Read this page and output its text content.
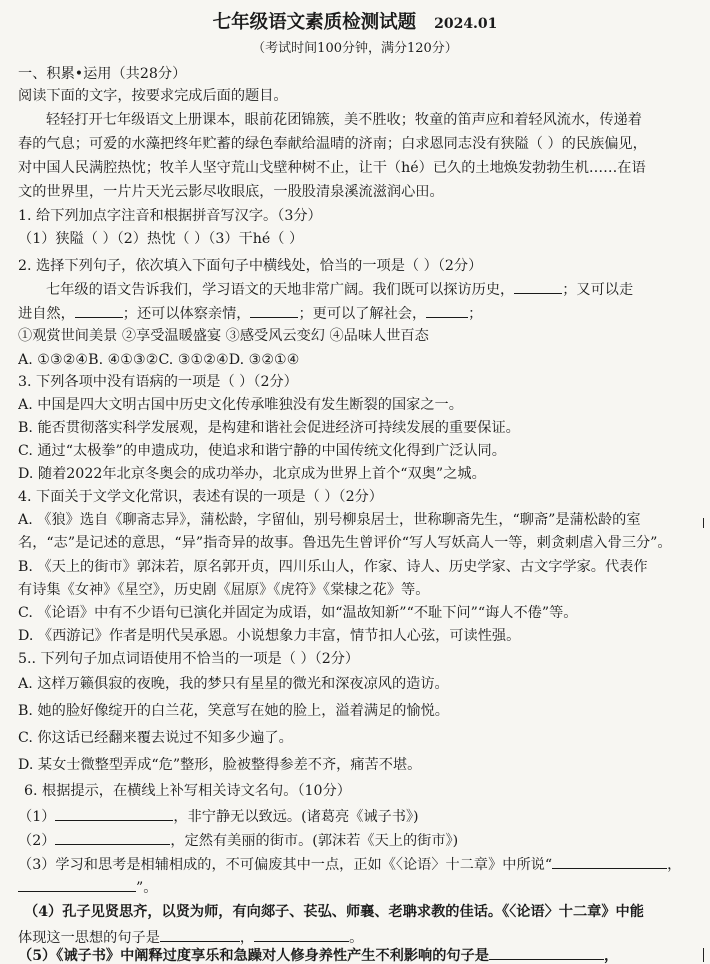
七年级语文素质检测试题 2024.01
（考试时间100分钟，满分120分）
一、积累•运用（共28分）
阅读下面的文字，按要求完成后面的题目。
轻轻打开七年级语文上册课本，眼前花团锦簇，美不胜收；牧童的笛声应和着轻风流水，传递着
春的气息；可爱的水藻把终年贮蓄的绿色奉献给温晴的济南；白求恩同志没有狭隘（ ）的民族偏见，
对中国人民满腔热忱；牧羊人坚守荒山戈壁种树不止，让干（hé）已久的土地焕发勃勃生机……在语
文的世界里，一片片天光云影尽收眼底，一股股清泉溪流滋润心田。
1. 给下列加点字注音和根据拼音写汉字。（3分）
（1）狭隘（ ）（2）热忱（ ）（3）干hé（ ）
2. 选择下列句子，依次填入下面句子中横线处，恰当的一项是（ ）（2分）
七年级的语文告诉我们，学习语文的天地非常广阔。我们既可以探访历史，	；又可以走
进自然，	；还可以体察亲情，	；更可以了解社会，	；
①观赏世间美景 ②享受温暖盛宴 ③感受风云变幻 ④品味人世百态
A. ①③②④B. ④①③②C. ③①②④D. ③②①④
3. 下列各项中没有语病的一项是（ ）（2分）
A. 中国是四大文明古国中历史文化传承唯独没有发生断裂的国家之一。
B. 能否贯彻落实科学发展观，是构建和谐社会促进经济可持续发展的重要保证。
C. 通过“太极拳”的申遗成功，使追求和谐宁静的中国传统文化得到广泛认同。
D. 随着2022年北京冬奥会的成功举办，北京成为世界上首个“双奥”之城。
4. 下面关于文学文化常识，表述有误的一项是（ ）（2分）
A. 《狼》选自《聊斋志异》，蒲松龄，字留仙，别号柳泉居士，世称聊斋先生，“聊斋”是蒲松龄的室
名，“志”是记述的意思，“异”指奇异的故事。鲁迅先生曾评价“写人写妖高人一等，刺贪刺虐入骨三分”。
B. 《天上的街市》郭沫若，原名郭开贞，四川乐山人，作家、诗人、历史学家、古文字学家。代表作
有诗集《女神》《星空》，历史剧《屈原》《虎符》《棠棣之花》等。
C. 《论语》中有不少语句已演化并固定为成语，如“温故知新”“不耻下问”“诲人不倦”等。
D. 《西游记》作者是明代吴承恩。小说想象力丰富，情节扣人心弦，可读性强。
5.. 下列句子加点词语使用不恰当的一项是（ ）（2分）
A. 这样万籁俱寂的夜晚，我的梦只有星星的微光和深夜凉风的造访。
B. 她的脸好像绽开的白兰花，笑意写在她的脸上，溢着满足的愉悦。
C. 你这话已经翻来覆去说过不知多少遍了。
D. 某女士微整型弄成“危”整形，脸被整得参差不齐，痛苦不堪。
6. 根据提示，在横线上补写相关诗文名句。（10分）
（1）	，非宁静无以致远。(诸葛亮《诫子书》)
（2）	，定然有美丽的街市。(郭沫若《天上的街市》)
（3）学习和思考是相辅相成的，不可偏废其中一点，正如《〈论语〉十二章》中所说“	，
”。
（4）孔子见贤思齐，以贤为师，有向郯子、苌弘、师襄、老聃求教的佳话。《〈论语〉十二章》中能
体现这一思想的句子是	，	。
（5）《诫子书》中阐释过度享乐和急躁对人修身养性产生不利影响的句子是	，
